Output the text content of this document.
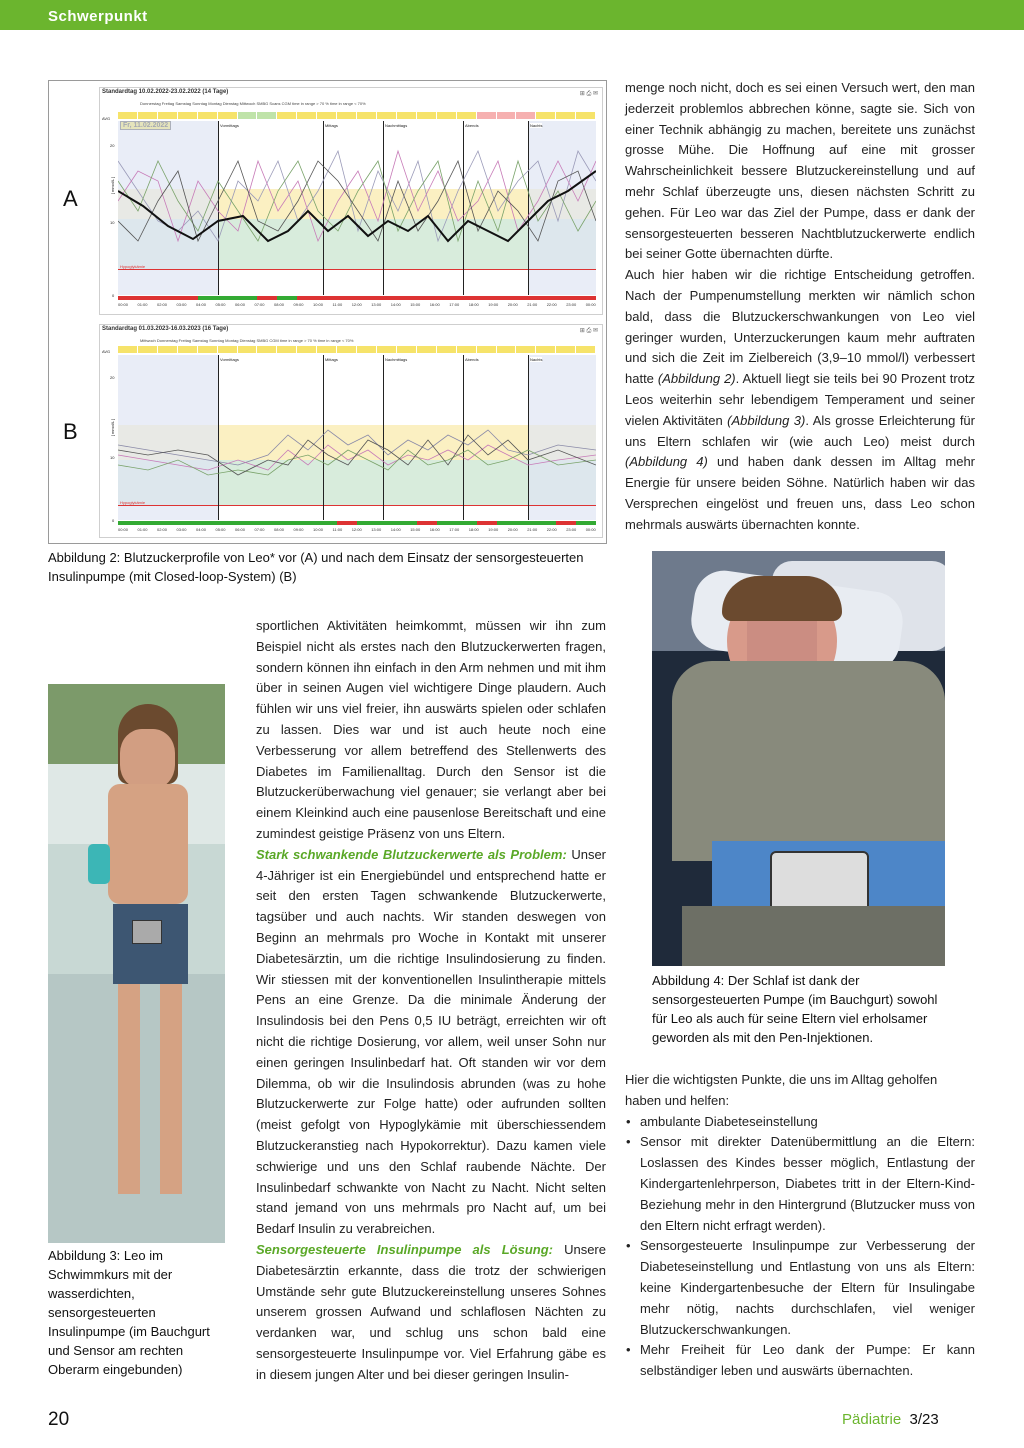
Schwerpunkt
A
Standardtag 10.02.2022-23.02.2022 (14 Tage)	⊞ ⎙ ✉
Donnerstag Freitag Samstag Sonntag Montag Dienstag Mittwoch SMBG Scans CGM time in range > 70 % time in range < 70%
AVG
Vormittags	Mittags	Nachmittags	Abends	Nachts
Hypoglykämie
00:00 01:00 02:00 03:00 04:00 05:00 06:00 07:00 08:00 09:00 10:00 11:00 12:00 13:00 14:00 15:00 16:00 17:00 18:00 19:00 20:00 21:00 22:00 23:00 00:00
[ mmol/L ]
20
10
0
B
Standardtag 01.03.2023-16.03.2023 (16 Tage)	⊞ ⎙ ✉
Mittwoch Donnerstag Freitag Samstag Sonntag Montag Dienstag SMBG CGM time in range > 70 % time in range < 70%
AVG
Vormittags	Mittags	Nachmittags	Abends	Nachts
Hypoglykämie
00:00 01:00 02:00 03:00 04:00 05:00 06:00 07:00 08:00 09:00 10:00 11:00 12:00 13:00 14:00 15:00 16:00 17:00 18:00 19:00 20:00 21:00 22:00 23:00 00:00
[ mmol/L ]
20
10
0
Abbildung 2: Blutzuckerprofile von Leo* vor (A) und nach dem Einsatz der sensorgesteuerten Insulinpumpe (mit Closed-loop-System) (B)

menge noch nicht, doch es sei einen Versuch wert, den man jederzeit problemlos abbrechen könne, sagte sie. Sich von einer Technik abhängig zu machen, bereitete uns zunächst grosse Mühe. Die Hoffnung auf eine mit grosser Wahrscheinlichkeit bessere Blutzuckereinstellung und auf mehr Schlaf überzeugte uns, diesen nächsten Schritt zu gehen. Für Leo war das Ziel der Pumpe, dass er dank der sensorgesteuerten besseren Nachtblutzuckerwerte endlich bei seiner Gotte übernachten dürfte.

Auch hier haben wir die richtige Entscheidung getroffen. Nach der Pumpenumstellung merkten wir nämlich schon bald, dass die Blutzuckerschwankungen von Leo viel geringer wurden, Unterzuckerungen kaum mehr auftraten und sich die Zeit im Zielbereich (3,9–10 mmol/l) verbessert hatte (Abbildung 2). Aktuell liegt sie teils bei 90 Prozent trotz Leos weiterhin sehr lebendigem Temperament und seiner vielen Aktivitäten (Abbildung 3). Als grosse Erleichterung für uns Eltern schlafen wir (wie auch Leo) meist durch (Abbildung 4) und haben dank dessen im Alltag mehr Energie für unsere beiden Söhne. Natürlich haben wir das Versprechen eingelöst und freuen uns, dass Leo schon mehrmals auswärts übernachten konnte.

Abbildung 4: Der Schlaf ist dank der sensorgesteuerten Pumpe (im Bauchgurt) sowohl für Leo als auch für seine Eltern viel erholsamer geworden als mit den Pen-Injektionen.
Abbildung 3: Leo im Schwimmkurs mit der wasserdichten, sensorgesteuerten Insulinpumpe (im Bauchgurt und Sensor am rechten Oberarm eingebunden)

sportlichen Aktivitäten heimkommt, müssen wir ihn zum Beispiel nicht als erstes nach den Blutzuckerwerten fragen, sondern können ihn einfach in den Arm nehmen und mit ihm über in seinen Augen viel wichtigere Dinge plaudern. Auch fühlen wir uns viel freier, ihn auswärts spielen oder schlafen zu lassen. Dies war und ist auch heute noch eine Verbesserung vor allem betreffend des Stellenwerts des Diabetes im Familienalltag. Durch den Sensor ist die Blutzuckerüberwachung viel genauer; sie verlangt aber bei einem Kleinkind auch eine pausenlose Bereitschaft und eine zumindest geistige Präsenz von uns Eltern.

Stark schwankende Blutzuckerwerte als Problem: Unser 4-Jähriger ist ein Energiebündel und entsprechend hatte er seit den ersten Tagen schwankende Blutzuckerwerte, tagsüber und auch nachts. Wir standen deswegen von Beginn an mehrmals pro Woche in Kontakt mit unserer Diabetesärztin, um die richtige Insulindosierung zu finden. Wir stiessen mit der konventionellen Insulintherapie mittels Pens an eine Grenze. Da die minimale Änderung der Insulindosis bei den Pens 0,5 IU beträgt, erreichten wir oft nicht die richtige Dosierung, vor allem, weil unser Sohn nur einen geringen Insulinbedarf hat. Oft standen wir vor dem Dilemma, ob wir die Insulindosis abrunden (was zu hohe Blutzuckerwerte zur Folge hatte) oder aufrunden sollten (meist gefolgt von Hypoglykämie mit überschiessendem Blutzuckeranstieg nach Hypokorrektur). Dazu kamen viele schwierige und uns den Schlaf raubende Nächte. Der Insulinbedarf schwankte von Nacht zu Nacht. Nicht selten stand jemand von uns mehrmals pro Nacht auf, um bei Bedarf Insulin zu verabreichen.

Sensorgesteuerte Insulinpumpe als Lösung: Unsere Diabetesärztin erkannte, dass die trotz der schwierigen Umstände sehr gute Blutzuckereinstellung unseres Sohnes unserem grossen Aufwand und schlaflosen Nächten zu verdanken war, und schlug uns schon bald eine sensorgesteuerte Insulinpumpe vor. Viel Erfahrung gäbe es in diesem jungen Alter und bei dieser geringen Insulin-

Hier die wichtigsten Punkte, die uns im Alltag geholfen haben und helfen:

• ambulante Diabeteseinstellung
• Sensor mit direkter Datenübermittlung an die Eltern: Loslassen des Kindes besser möglich, Entlastung der Kindergartenlehrperson, Diabetes tritt in der Eltern-Kind-Beziehung mehr in den Hintergrund (Blutzucker muss von den Eltern nicht erfragt werden).
• Sensorgesteuerte Insulinpumpe zur Verbesserung der Diabeteseinstellung und Entlastung von uns als Eltern: keine Kindergartenbesuche der Eltern für Insulingabe mehr nötig, nachts durchschlafen, viel weniger Blutzuckerschwankungen.
• Mehr Freiheit für Leo dank der Pumpe: Er kann selbständiger leben und auswärts übernachten.
20	Pädiatrie 3/23
